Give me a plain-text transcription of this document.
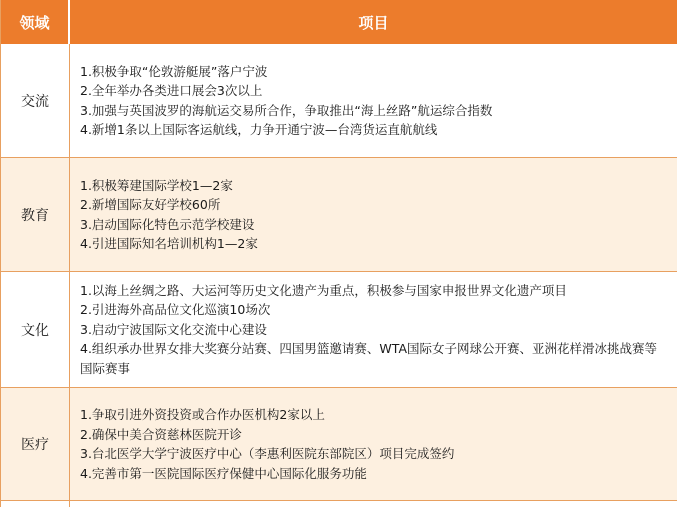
领域	项目
交流
1.积极争取“伦敦游艇展”落户宁波
2.全年举办各类进口展会3次以上
3.加强与英国波罗的海航运交易所合作，争取推出“海上丝路”航运综合指数
4.新增1条以上国际客运航线，力争开通宁波—台湾货运直航航线
教育
1.积极筹建国际学校1—2家
2.新增国际友好学校60所
3.启动国际化特色示范学校建设
4.引进国际知名培训机构1—2家
文化
1.以海上丝绸之路、大运河等历史文化遗产为重点，积极参与国家申报世界文化遗产项目
2.引进海外高品位文化巡演10场次
3.启动宁波国际文化交流中心建设
4.组织承办世界女排大奖赛分站赛、四国男篮邀请赛、WTA国际女子网球公开赛、亚洲花样滑冰挑战赛等国际赛事
医疗
1.争取引进外资投资或合作办医机构2家以上
2.确保中美合资慈林医院开诊
3.台北医学大学宁波医疗中心（李惠利医院东部院区）项目完成签约
4.完善市第一医院国际医疗保健中心国际化服务功能
